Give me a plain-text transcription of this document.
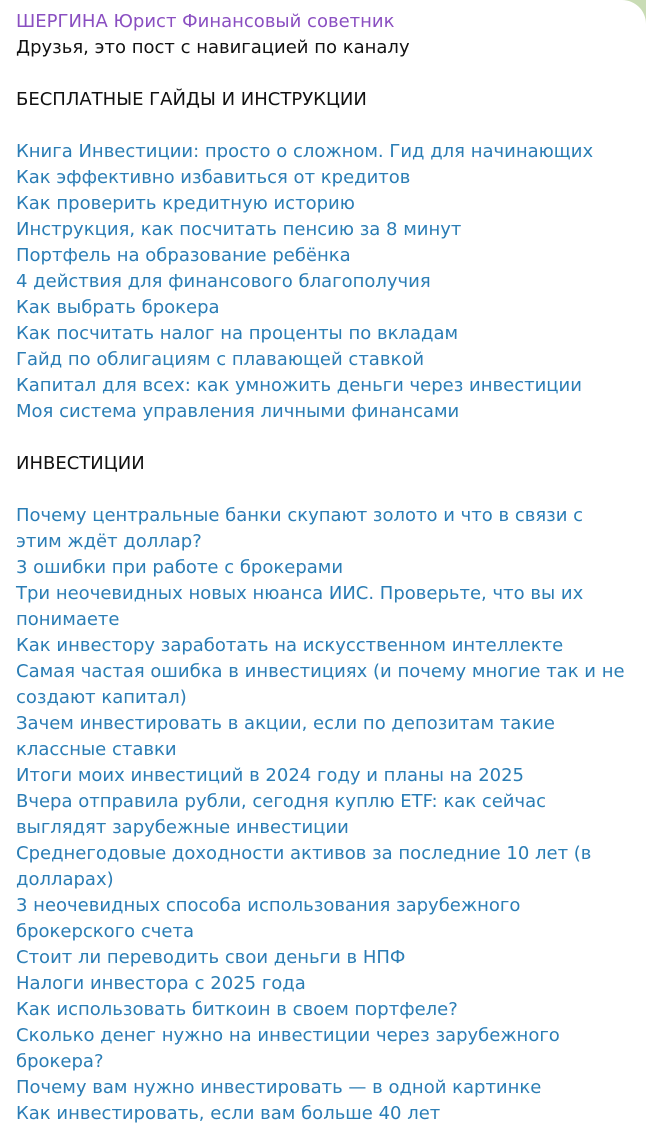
ШЕРГИНА Юрист Финансовый советник
Друзья, это пост с навигацией по каналу
БЕСПЛАТНЫЕ ГАЙДЫ И ИНСТРУКЦИИ
Книга Инвестиции: просто о сложном. Гид для начинающих
Как эффективно избавиться от кредитов
Как проверить кредитную историю
Инструкция, как посчитать пенсию за 8 минут
Портфель на образование ребёнка
4 действия для финансового благополучия
Как выбрать брокера
Как посчитать налог на проценты по вкладам
Гайд по облигациям с плавающей ставкой
Капитал для всех: как умножить деньги через инвестиции
Моя система управления личными финансами
ИНВЕСТИЦИИ
Почему центральные банки скупают золото и что в связи с этим ждёт доллар?
3 ошибки при работе с брокерами
Три неочевидных новых нюанса ИИС. Проверьте, что вы их понимаете
Как инвестору заработать на искусственном интеллекте
Самая частая ошибка в инвестициях (и почему многие так и не создают капитал)
Зачем инвестировать в акции, если по депозитам такие классные ставки
Итоги моих инвестиций в 2024 году и планы на 2025
Вчера отправила рубли, сегодня куплю ETF: как сейчас выглядят зарубежные инвестиции
Среднегодовые доходности активов за последние 10 лет (в долларах)
3 неочевидных способа использования зарубежного брокерского счета
Стоит ли переводить свои деньги в НПФ
Налоги инвестора с 2025 года
Как использовать биткоин в своем портфеле?
Сколько денег нужно на инвестиции через зарубежного брокера?
Почему вам нужно инвестировать — в одной картинке
Как инвестировать, если вам больше 40 лет
